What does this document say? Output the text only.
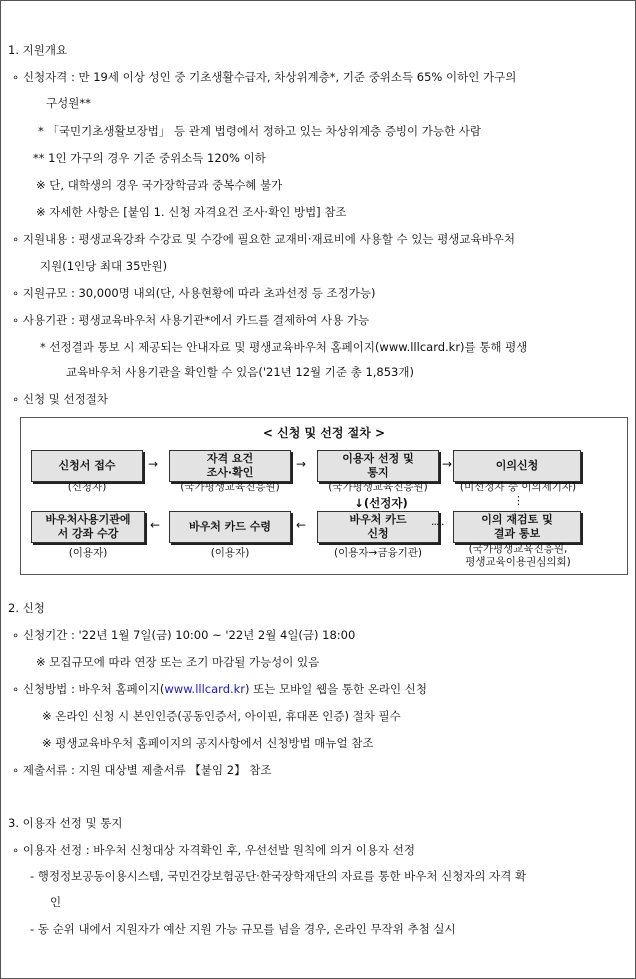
1. 지원개요
∘ 신청자격 : 만 19세 이상 성인 중 기초생활수급자, 차상위계층*, 기준 중위소득 65% 이하인 가구의
구성원**
* 「국민기초생활보장법」 등 관계 법령에서 정하고 있는 차상위계층 증빙이 가능한 사람
** 1인 가구의 경우 기준 중위소득 120% 이하
※ 단, 대학생의 경우 국가장학금과 중복수혜 불가
※ 자세한 사항은 [붙임 1. 신청 자격요건 조사·확인 방법] 참조
∘ 지원내용 : 평생교육강좌 수강료 및 수강에 필요한 교재비·재료비에 사용할 수 있는 평생교육바우처
지원(1인당 최대 35만원)
∘ 지원규모 : 30,000명 내외(단, 사용현황에 따라 초과선정 등 조정가능)
∘ 사용기관 : 평생교육바우처 사용기관*에서 카드를 결제하여 사용 가능
* 선정결과 통보 시 제공되는 안내자료 및 평생교육바우처 홈페이지(www.lllcard.kr)를 통해 평생
교육바우처 사용기관을 확인할 수 있음('21년 12월 기준 총 1,853개)
∘ 신청 및 선정절차
< 신청 및 선정 절차 >
신청서 접수
(신청자)
→	자격 요건
조사·확인
(국가평생교육진흥원)
→	이용자 선정 및
통지
(국가평생교육진흥원)
→	이의신청
(미선정자 중 이의제기자)
⋮
↓(선정자)
바우처사용기관에
서 강좌 수강
(이용자)
←	바우처 카드 수령
(이용자)
←	바우처 카드
신청
(이용자→금융기관)
·····	이의 재검토 및
결과 통보
(국가평생교육진흥원,
평생교육이용권심의회)
2. 신청
∘ 신청기간 : '22년 1월 7일(금) 10:00 ~ '22년 2월 4일(금) 18:00
※ 모집규모에 따라 연장 또는 조기 마감될 가능성이 있음
∘ 신청방법 : 바우처 홈페이지(www.lllcard.kr) 또는 모바일 웹을 통한 온라인 신청
※ 온라인 신청 시 본인인증(공동인증서, 아이핀, 휴대폰 인증) 절차 필수
※ 평생교육바우처 홈페이지의 공지사항에서 신청방법 매뉴얼 참조
∘ 제출서류 : 지원 대상별 제출서류 【붙임 2】 참조
3. 이용자 선정 및 통지
∘ 이용자 선정 : 바우처 신청대상 자격확인 후, 우선선발 원칙에 의거 이용자 선정
- 행정정보공동이용시스템, 국민건강보험공단·한국장학재단의 자료를 통한 바우처 신청자의 자격 확
인
- 동 순위 내에서 지원자가 예산 지원 가능 규모를 넘을 경우, 온라인 무작위 추첨 실시
